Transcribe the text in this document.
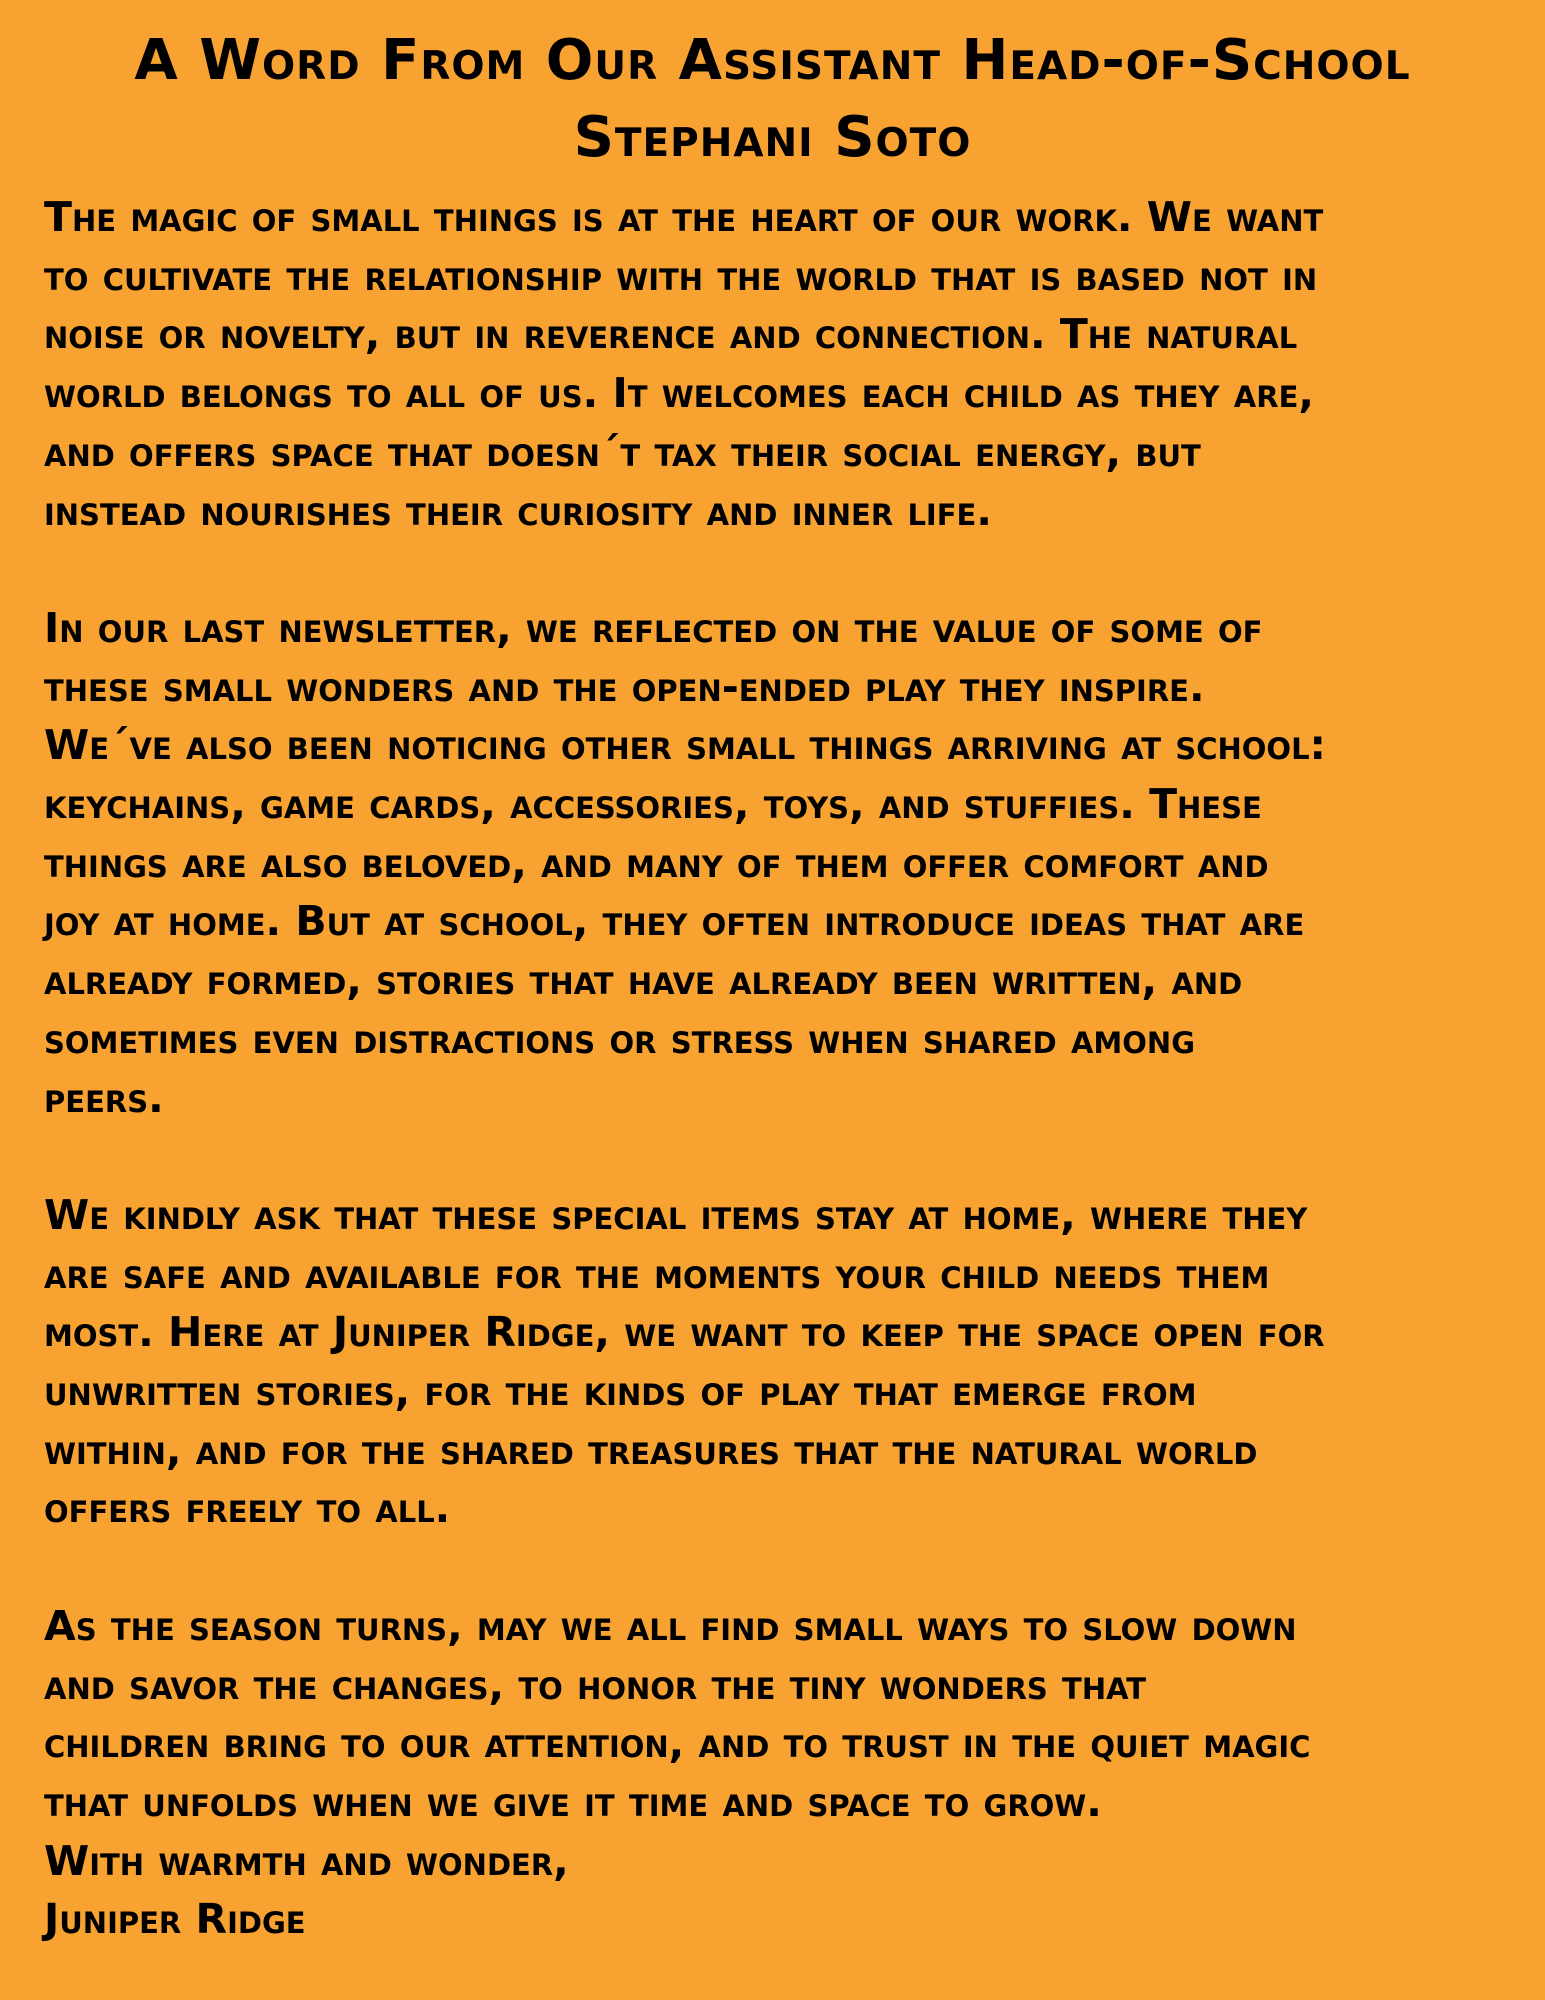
A Word From Our Assistant Head-of-School
Stephani Soto
The magic of small things is at the heart of our work. We want
to cultivate the relationship with the world that is based not in
noise or novelty, but in reverence and connection. The natural
world belongs to all of us. It welcomes each child as they are,
and offers space that doesn´t tax their social energy, but
instead nourishes their curiosity and inner life.
In our last newsletter, we reflected on the value of some of
these small wonders and the open-ended play they inspire.
We´ve also been noticing other small things arriving at school:
keychains, game cards, accessories, toys, and stuffies. These
things are also beloved, and many of them offer comfort and
joy at home. But at school, they often introduce ideas that are
already formed, stories that have already been written, and
sometimes even distractions or stress when shared among
peers.
We kindly ask that these special items stay at home, where they
are safe and available for the moments your child needs them
most. Here at Juniper Ridge, we want to keep the space open for
unwritten stories, for the kinds of play that emerge from
within, and for the shared treasures that the natural world
offers freely to all.
As the season turns, may we all find small ways to slow down
and savor the changes, to honor the tiny wonders that
children bring to our attention, and to trust in the quiet magic
that unfolds when we give it time and space to grow.
With warmth and wonder,
Juniper Ridge
